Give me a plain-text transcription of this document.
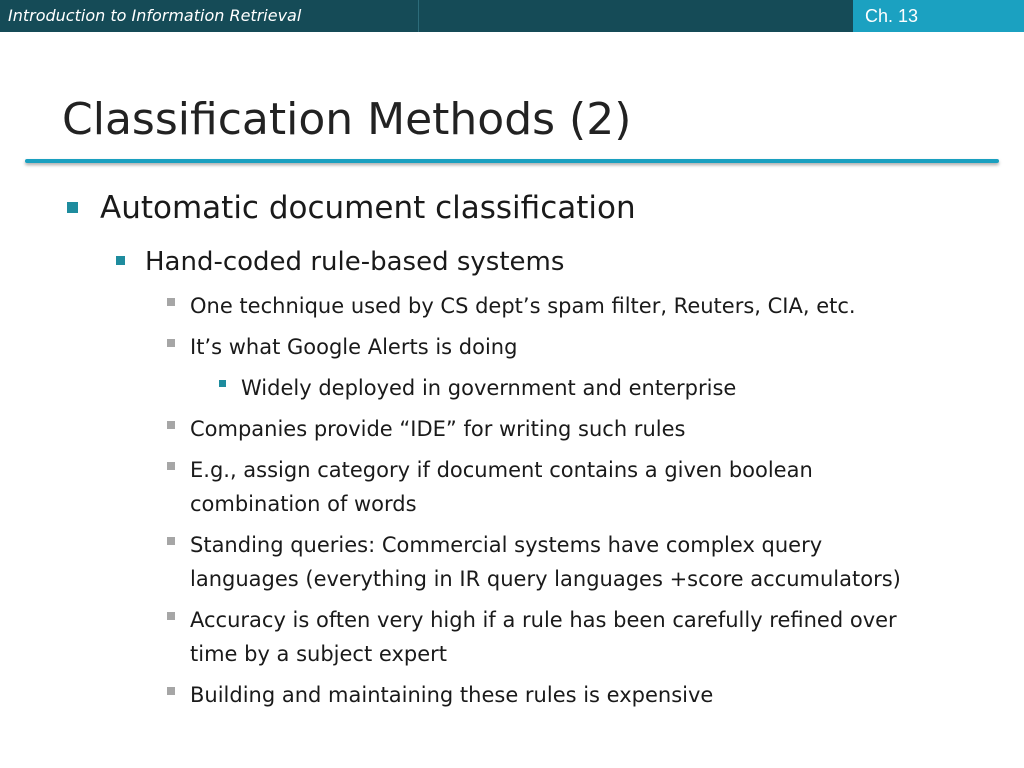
Introduction to Information Retrieval	Ch. 13
Classification Methods (2)
Automatic document classification
Hand-coded rule-based systems
One technique used by CS dept’s spam filter, Reuters, CIA, etc.
It’s what Google Alerts is doing
Widely deployed in government and enterprise
Companies provide “IDE” for writing such rules
E.g., assign category if document contains a given boolean
combination of words
Standing queries: Commercial systems have complex query
languages (everything in IR query languages +score accumulators)
Accuracy is often very high if a rule has been carefully refined over
time by a subject expert
Building and maintaining these rules is expensive
